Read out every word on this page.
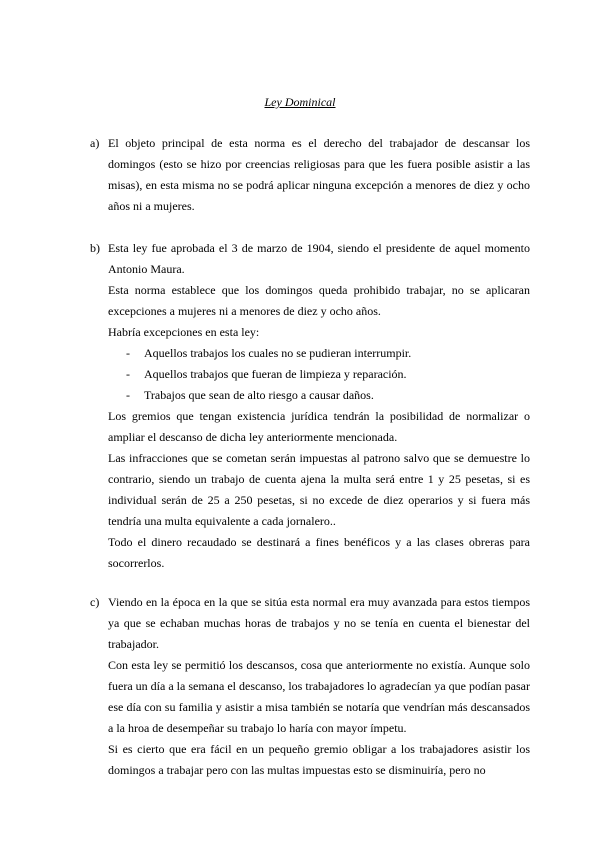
Ley Dominical
a) El objeto principal de esta norma es el derecho del trabajador de descansar los domingos (esto se hizo por creencias religiosas para que les fuera posible asistir a las misas), en esta misma no se podrá aplicar ninguna excepción a menores de diez y ocho años ni a mujeres.

b) Esta ley fue aprobada el 3 de marzo de 1904, siendo el presidente de aquel momento Antonio Maura.

Esta norma establece que los domingos queda prohibido trabajar, no se aplicaran excepciones a mujeres ni a menores de diez y ocho años.

Habría excepciones en esta ley:

- Aquellos trabajos los cuales no se pudieran interrumpir.
- Aquellos trabajos que fueran de limpieza y reparación.
- Trabajos que sean de alto riesgo a causar daños.

Los gremios que tengan existencia jurídica tendrán la posibilidad de normalizar o ampliar el descanso de dicha ley anteriormente mencionada.

Las infracciones que se cometan serán impuestas al patrono salvo que se demuestre lo contrario, siendo un trabajo de cuenta ajena la multa será entre 1 y 25 pesetas, si es individual serán de 25 a 250 pesetas, si no excede de diez operarios y si fuera más tendría una multa equivalente a cada jornalero..

Todo el dinero recaudado se destinará a fines benéficos y a las clases obreras para socorrerlos.

c) Viendo en la época en la que se sitúa esta normal era muy avanzada para estos tiempos ya que se echaban muchas horas de trabajos y no se tenía en cuenta el bienestar del trabajador.

Con esta ley se permitió los descansos, cosa que anteriormente no existía. Aunque solo fuera un día a la semana el descanso, los trabajadores lo agradecían ya que podían pasar ese día con su familia y asistir a misa también se notaría que vendrían más descansados a la hroa de desempeñar su trabajo lo haría con mayor ímpetu.

Si es cierto que era fácil en un pequeño gremio obligar a los trabajadores asistir los domingos a trabajar pero con las multas impuestas esto se disminuiría, pero no
